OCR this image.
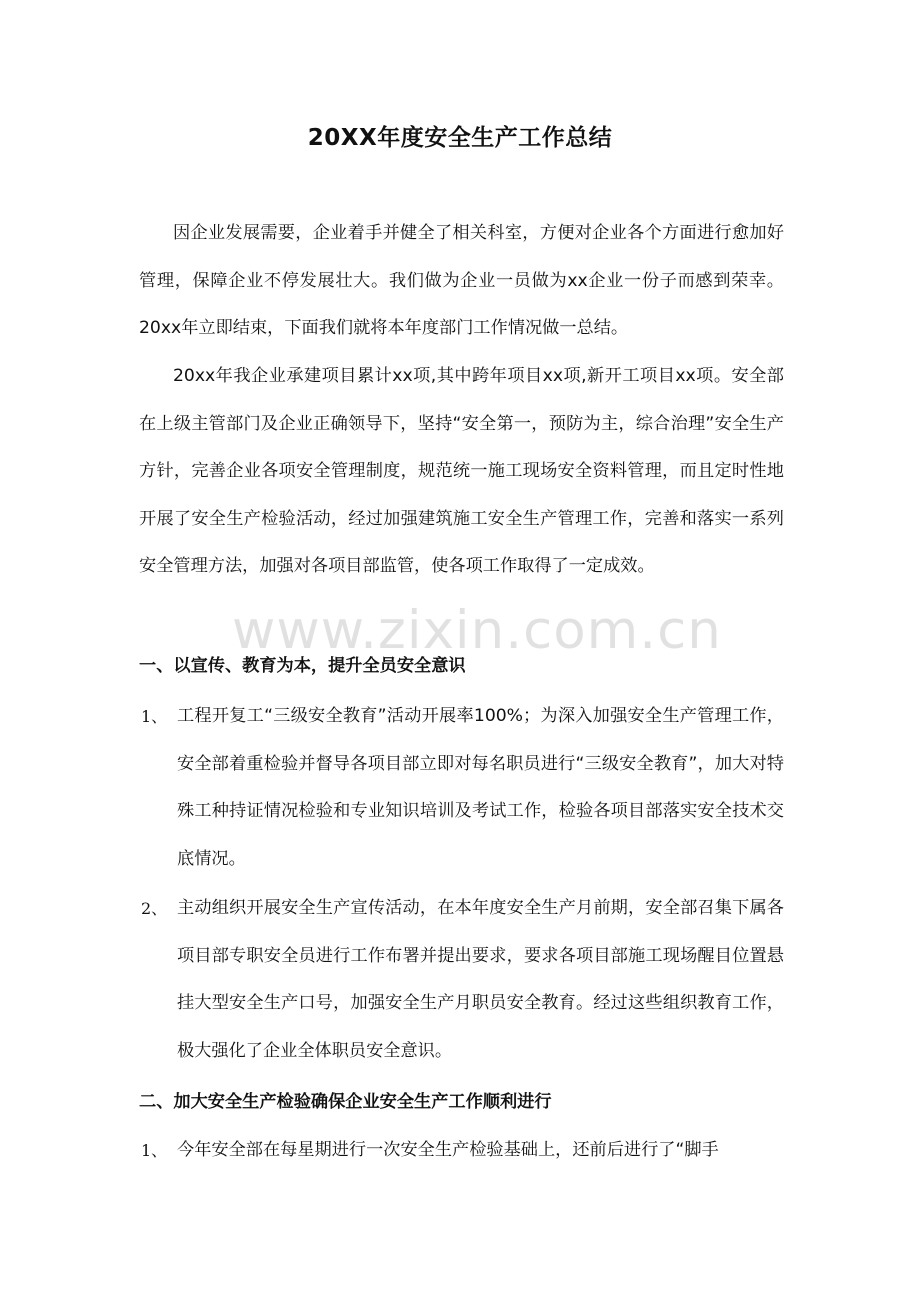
20XX年度安全生产工作总结

因企业发展需要，企业着手并健全了相关科室，方便对企业各个方面进行愈加好管理，保障企业不停发展壮大。我们做为企业一员做为xx企业一份子而感到荣幸。20xx年立即结束，下面我们就将本年度部门工作情况做一总结。

20xx年我企业承建项目累计xx项,其中跨年项目xx项,新开工项目xx项。安全部在上级主管部门及企业正确领导下，坚持“安全第一，预防为主，综合治理”安全生产方针，完善企业各项安全管理制度，规范统一施工现场安全资料管理，而且定时性地开展了安全生产检验活动，经过加强建筑施工安全生产管理工作，完善和落实一系列安全管理方法，加强对各项目部监管，使各项工作取得了一定成效。

一、以宣传、教育为本，提升全员安全意识
1、 工程开复工“三级安全教育”活动开展率100%；为深入加强安全生产管理工作，安全部着重检验并督导各项目部立即对每名职员进行“三级安全教育”，加大对特殊工种持证情况检验和专业知识培训及考试工作，检验各项目部落实安全技术交底情况。

2、 主动组织开展安全生产宣传活动，在本年度安全生产月前期，安全部召集下属各项目部专职安全员进行工作布署并提出要求，要求各项目部施工现场醒目位置悬挂大型安全生产口号，加强安全生产月职员安全教育。经过这些组织教育工作，极大强化了企业全体职员安全意识。

二、加大安全生产检验确保企业安全生产工作顺利进行
1、 今年安全部在每星期进行一次安全生产检验基础上，还前后进行了“脚手

www.zixin.com.cn
